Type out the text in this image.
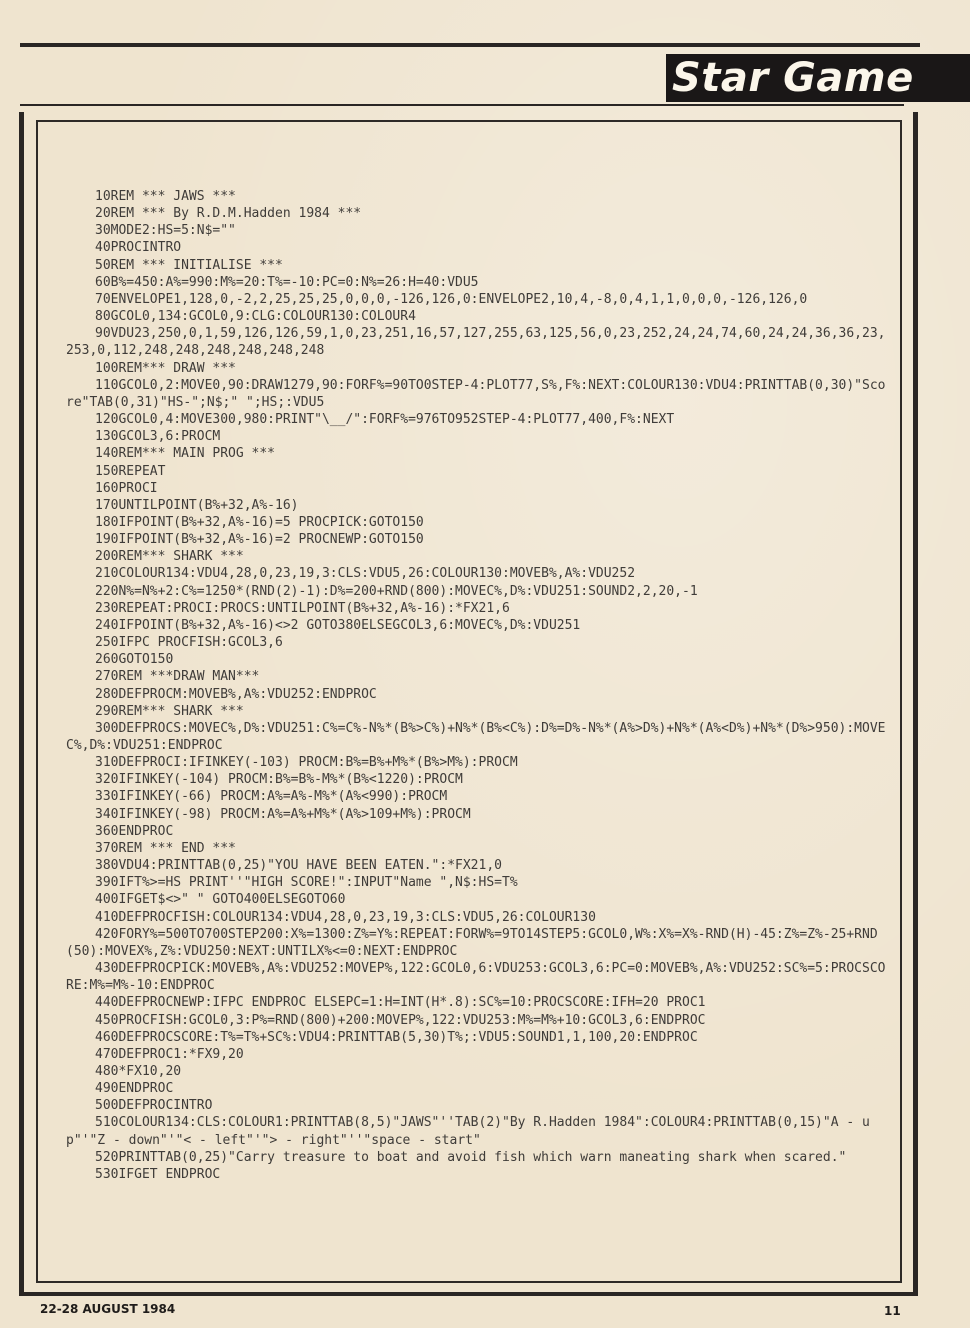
Star Game
10REM *** JAWS ***
20REM *** By R.D.M.Hadden 1984 ***
30MODE2:HS=5:N$=""
40PROCINTRO
50REM *** INITIALISE ***
60B%=450:A%=990:M%=20:T%=-10:PC=0:N%=26:H=40:VDU5
70ENVELOPE1,128,0,-2,2,25,25,25,0,0,0,-126,126,0:ENVELOPE2,10,4,-8,0,4,1,1,0,0,0,-126,126,0
80GCOL0,134:GCOL0,9:CLG:COLOUR130:COLOUR4
90VDU23,250,0,1,59,126,126,59,1,0,23,251,16,57,127,255,63,125,56,0,23,252,24,24,74,60,24,24,36,36,23,253,0,112,248,248,248,248,248,248
100REM*** DRAW ***
110GCOL0,2:MOVE0,90:DRAW1279,90:FORF%=90TO0STEP-4:PLOT77,S%,F%:NEXT:COLOUR130:VDU4:PRINTTAB(0,30)"Score"TAB(0,31)"HS-";N$;" ";HS;:VDU5
120GCOL0,4:MOVE300,980:PRINT"\__/":FORF%=976TO952STEP-4:PLOT77,400,F%:NEXT
130GCOL3,6:PROCM
140REM*** MAIN PROG ***
150REPEAT
160PROCI
170UNTILPOINT(B%+32,A%-16)
180IFPOINT(B%+32,A%-16)=5 PROCPICK:GOTO150
190IFPOINT(B%+32,A%-16)=2 PROCNEWP:GOTO150
200REM*** SHARK ***
210COLOUR134:VDU4,28,0,23,19,3:CLS:VDU5,26:COLOUR130:MOVEB%,A%:VDU252
220N%=N%+2:C%=1250*(RND(2)-1):D%=200+RND(800):MOVEC%,D%:VDU251:SOUND2,2,20,-1
230REPEAT:PROCI:PROCS:UNTILPOINT(B%+32,A%-16):*FX21,6
240IFPOINT(B%+32,A%-16)<>2 GOTO380ELSEGCOL3,6:MOVEC%,D%:VDU251
250IFPC PROCFISH:GCOL3,6
260GOTO150
270REM ***DRAW MAN***
280DEFPROCM:MOVEB%,A%:VDU252:ENDPROC
290REM*** SHARK ***
300DEFPROCS:MOVEC%,D%:VDU251:C%=C%-N%*(B%>C%)+N%*(B%<C%):D%=D%-N%*(A%>D%)+N%*(A%<D%)+N%*(D%>950):MOVEC%,D%:VDU251:ENDPROC
310DEFPROCI:IFINKEY(-103) PROCM:B%=B%+M%*(B%>M%):PROCM
320IFINKEY(-104) PROCM:B%=B%-M%*(B%<1220):PROCM
330IFINKEY(-66) PROCM:A%=A%-M%*(A%<990):PROCM
340IFINKEY(-98) PROCM:A%=A%+M%*(A%>109+M%):PROCM
360ENDPROC
370REM *** END ***
380VDU4:PRINTTAB(0,25)"YOU HAVE BEEN EATEN.":*FX21,0
390IFT%>=HS PRINT''"HIGH SCORE!":INPUT"Name ",N$:HS=T%
400IFGET$<>" " GOTO400ELSEGOTO60
410DEFPROCFISH:COLOUR134:VDU4,28,0,23,19,3:CLS:VDU5,26:COLOUR130
420FORY%=500TO700STEP200:X%=1300:Z%=Y%:REPEAT:FORW%=9TO14STEP5:GCOL0,W%:X%=X%-RND(H)-45:Z%=Z%-25+RND(50):MOVEX%,Z%:VDU250:NEXT:UNTILX%<=0:NEXT:ENDPROC
430DEFPROCPICK:MOVEB%,A%:VDU252:MOVEP%,122:GCOL0,6:VDU253:GCOL3,6:PC=0:MOVEB%,A%:VDU252:SC%=5:PROCSCORE:M%=M%-10:ENDPROC
440DEFPROCNEWP:IFPC ENDPROC ELSEPC=1:H=INT(H*.8):SC%=10:PROCSCORE:IFH=20 PROC1
450PROCFISH:GCOL0,3:P%=RND(800)+200:MOVEP%,122:VDU253:M%=M%+10:GCOL3,6:ENDPROC
460DEFPROCSCORE:T%=T%+SC%:VDU4:PRINTTAB(5,30)T%;:VDU5:SOUND1,1,100,20:ENDPROC
470DEFPROC1:*FX9,20
480*FX10,20
490ENDPROC
500DEFPROCINTRO
510COLOUR134:CLS:COLOUR1:PRINTTAB(8,5)"JAWS"''TAB(2)"By R.Hadden 1984":COLOUR4:PRINTTAB(0,15)"A - up"'"Z - down"'"< - left"'"> - right"''"space - start"
520PRINTTAB(0,25)"Carry treasure to boat and avoid fish which warn maneating shark when scared."
530IFGET ENDPROC
22-28 AUGUST 1984	11
